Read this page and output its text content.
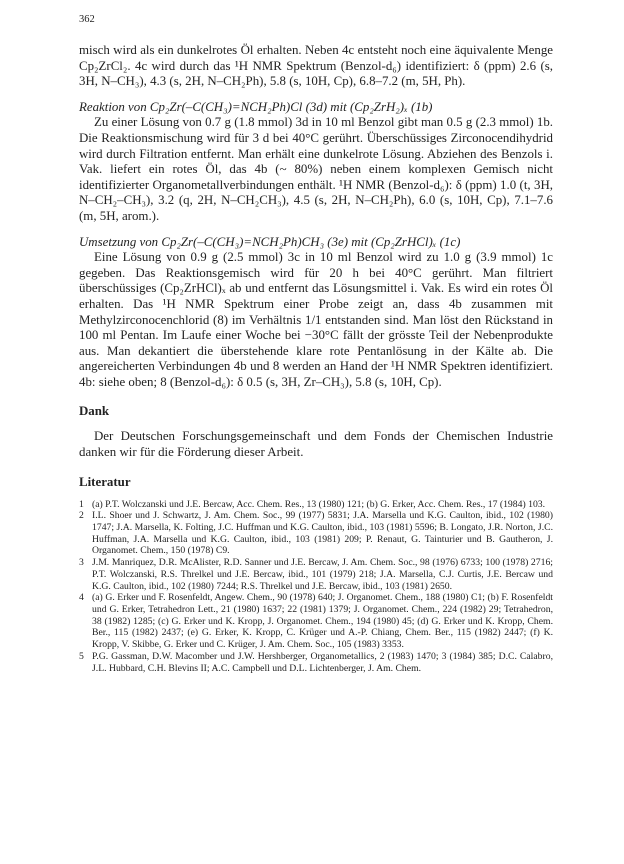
362

misch wird als ein dunkelrotes Öl erhalten. Neben 4c entsteht noch eine äquivalente Menge Cp₂ZrCl₂. 4c wird durch das ¹H NMR Spektrum (Benzol-d₆) identifiziert: δ (ppm) 2.6 (s, 3H, N–CH₃), 4.3 (s, 2H, N–CH₂Ph), 5.8 (s, 10H, Cp), 6.8–7.2 (m, 5H, Ph).

Reaktion von Cp₂Zr(–C(CH₃)=NCH₂Ph)Cl (3d) mit (Cp₂ZrH₂)ₓ (1b)

Zu einer Lösung von 0.7 g (1.8 mmol) 3d in 10 ml Benzol gibt man 0.5 g (2.3 mmol) 1b. Die Reaktionsmischung wird für 3 d bei 40°C gerührt. Überschüssiges Zirconocendihydrid wird durch Filtration entfernt. Man erhält eine dunkelrote Lösung. Abziehen des Benzols i. Vak. liefert ein rotes Öl, das 4b (~ 80%) neben einem komplexen Gemisch nicht identifizierter Organometallverbindungen enthält. ¹H NMR (Benzol-d₆): δ (ppm) 1.0 (t, 3H, N–CH₂–CH₃), 3.2 (q, 2H, N–CH₂CH₃), 4.5 (s, 2H, N–CH₂Ph), 6.0 (s, 10H, Cp), 7.1–7.6 (m, 5H, arom.).

Umsetzung von Cp₂Zr(–C(CH₃)=NCH₂Ph)CH₃ (3e) mit (Cp₂ZrHCl)ₓ (1c)

Eine Lösung von 0.9 g (2.5 mmol) 3c in 10 ml Benzol wird zu 1.0 g (3.9 mmol) 1c gegeben. Das Reaktionsgemisch wird für 20 h bei 40°C gerührt. Man filtriert überschüssiges (Cp₂ZrHCl)ₓ ab und entfernt das Lösungsmittel i. Vak. Es wird ein rotes Öl erhalten. Das ¹H NMR Spektrum einer Probe zeigt an, dass 4b zusammen mit Methylzirconocenchlorid (8) im Verhältnis 1/1 entstanden sind. Man löst den Rückstand in 100 ml Pentan. Im Laufe einer Woche bei −30°C fällt der grösste Teil der Nebenprodukte aus. Man dekantiert die überstehende klare rote Pentanlösung in der Kälte ab. Die angereicherten Verbindungen 4b und 8 werden an Hand der ¹H NMR Spektren identifiziert. 4b: siehe oben; 8 (Benzol-d₆): δ 0.5 (s, 3H, Zr–CH₃), 5.8 (s, 10H, Cp).

Dank

Der Deutschen Forschungsgemeinschaft und dem Fonds der Chemischen Industrie danken wir für die Förderung dieser Arbeit.

Literatur
1 (a) P.T. Wolczanski und J.E. Bercaw, Acc. Chem. Res., 13 (1980) 121; (b) G. Erker, Acc. Chem. Res., 17 (1984) 103.
2 I.L. Shoer und J. Schwartz, J. Am. Chem. Soc., 99 (1977) 5831; J.A. Marsella und K.G. Caulton, ibid., 102 (1980) 1747; J.A. Marsella, K. Folting, J.C. Huffman und K.G. Caulton, ibid., 103 (1981) 5596; B. Longato, J.R. Norton, J.C. Huffman, J.A. Marsella und K.G. Caulton, ibid., 103 (1981) 209; P. Renaut, G. Tainturier und B. Gautheron, J. Organomet. Chem., 150 (1978) C9.
3 J.M. Manriquez, D.R. McAlister, R.D. Sanner und J.E. Bercaw, J. Am. Chem. Soc., 98 (1976) 6733; 100 (1978) 2716; P.T. Wolczanski, R.S. Threlkel und J.E. Bercaw, ibid., 101 (1979) 218; J.A. Marsella, C.J. Curtis, J.E. Bercaw und K.G. Caulton, ibid., 102 (1980) 7244; R.S. Threlkel und J.E. Bercaw, ibid., 103 (1981) 2650.
4 (a) G. Erker und F. Rosenfeldt, Angew. Chem., 90 (1978) 640; J. Organomet. Chem., 188 (1980) C1; (b) F. Rosenfeldt und G. Erker, Tetrahedron Lett., 21 (1980) 1637; 22 (1981) 1379; J. Organomet. Chem., 224 (1982) 29; Tetrahedron, 38 (1982) 1285; (c) G. Erker und K. Kropp, J. Organomet. Chem., 194 (1980) 45; (d) G. Erker und K. Kropp, Chem. Ber., 115 (1982) 2437; (e) G. Erker, K. Kropp, C. Krüger und A.-P. Chiang, Chem. Ber., 115 (1982) 2447; (f) K. Kropp, V. Skibbe, G. Erker und C. Krüger, J. Am. Chem. Soc., 105 (1983) 3353.
5 P.G. Gassman, D.W. Macomber und J.W. Hershberger, Organometallics, 2 (1983) 1470; 3 (1984) 385; D.C. Calabro, J.L. Hubbard, C.H. Blevins II; A.C. Campbell und D.L. Lichtenberger, J. Am. Chem.
